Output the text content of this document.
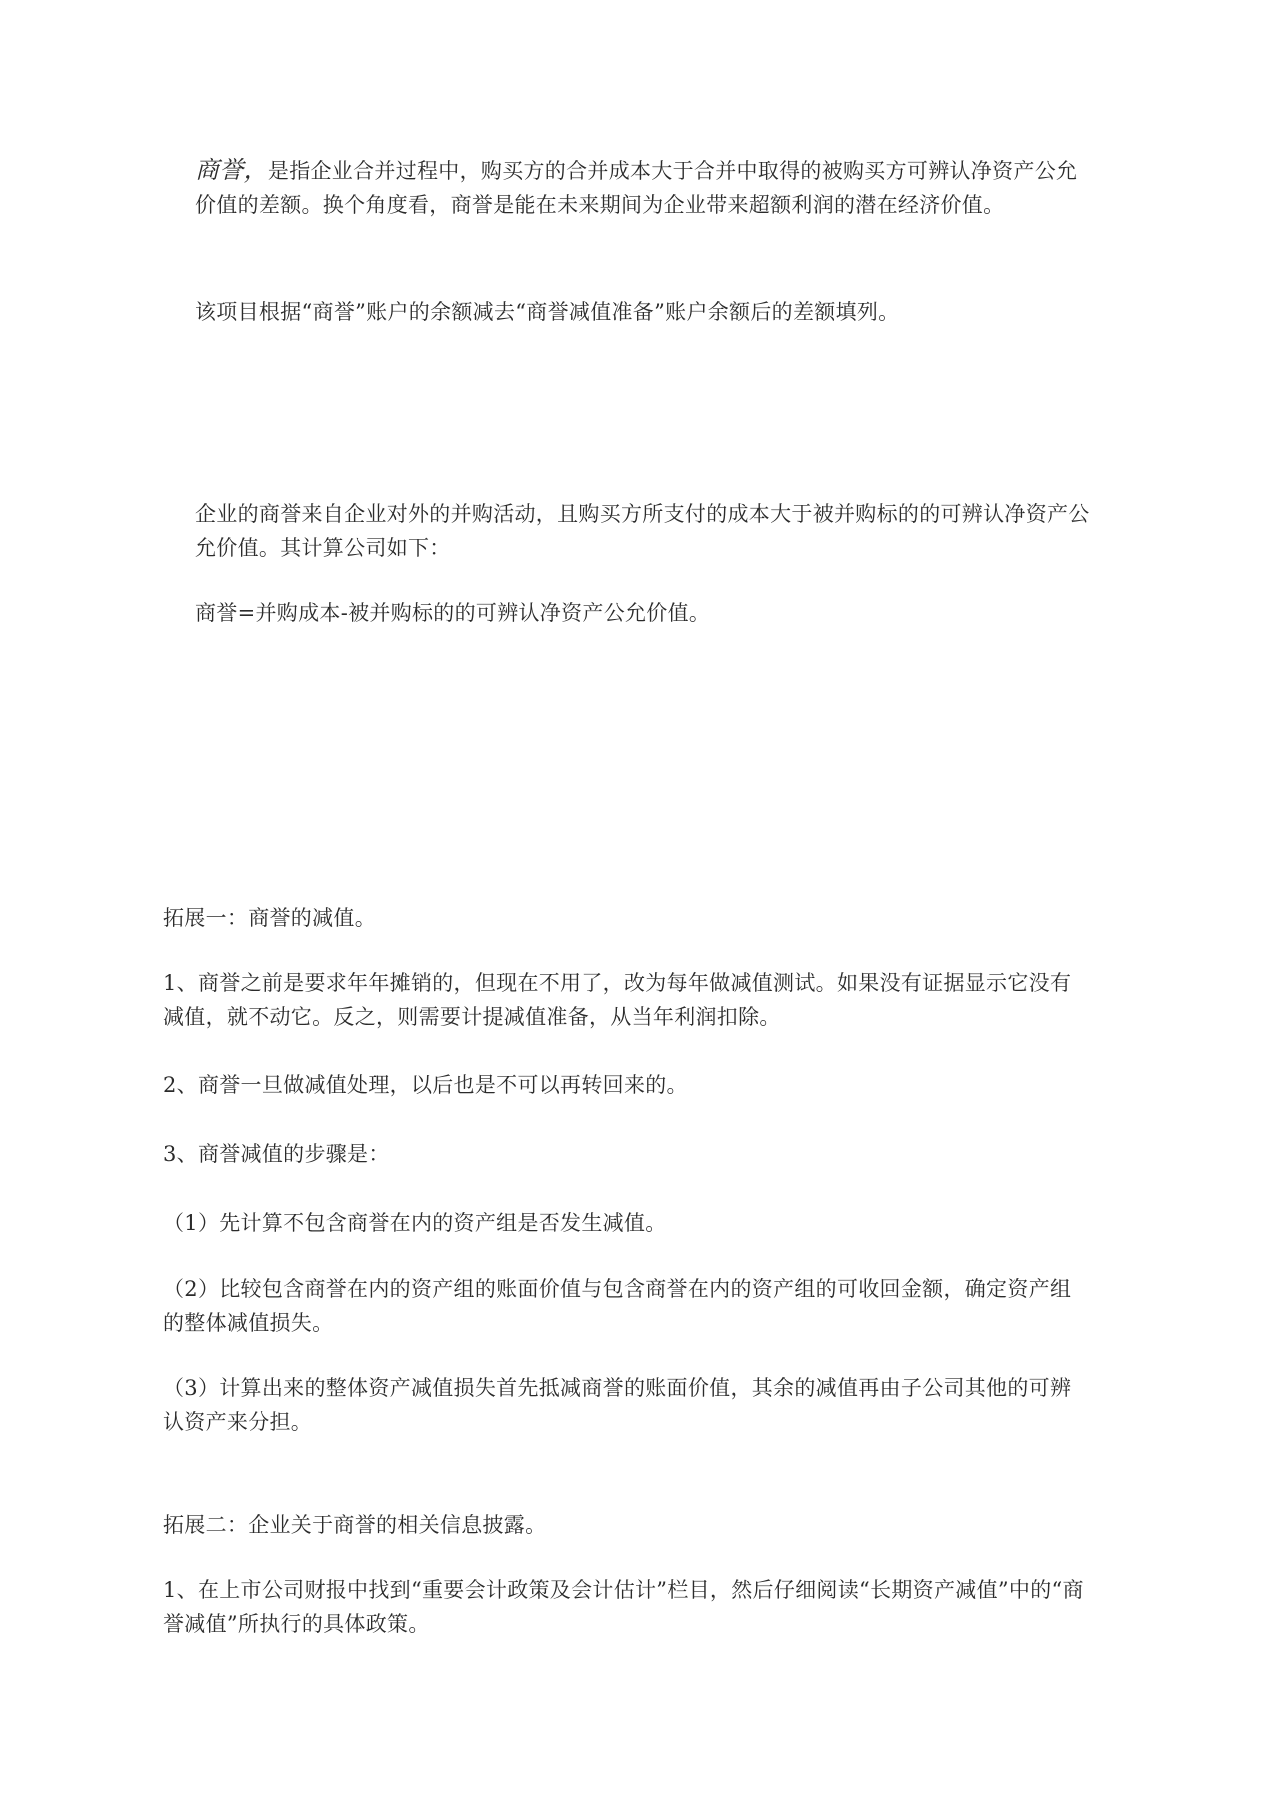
商誉，是指企业合并过程中，购买方的合并成本大于合并中取得的被购买方可辨认净资产公允价值的差额。换个角度看，商誉是能在未来期间为企业带来超额利润的潜在经济价值。

该项目根据“商誉”账户的余额减去“商誉减值准备”账户余额后的差额填列。

企业的商誉来自企业对外的并购活动，且购买方所支付的成本大于被并购标的的可辨认净资产公允价值。其计算公司如下：

商誉=并购成本-被并购标的的可辨认净资产公允价值。

拓展一：商誉的减值。

1、商誉之前是要求年年摊销的，但现在不用了，改为每年做减值测试。如果没有证据显示它没有减值，就不动它。反之，则需要计提减值准备，从当年利润扣除。

2、商誉一旦做减值处理，以后也是不可以再转回来的。

3、商誉减值的步骤是：

（1）先计算不包含商誉在内的资产组是否发生减值。

（2）比较包含商誉在内的资产组的账面价值与包含商誉在内的资产组的可收回金额，确定资产组的整体减值损失。

（3）计算出来的整体资产减值损失首先抵减商誉的账面价值，其余的减值再由子公司其他的可辨认资产来分担。

拓展二：企业关于商誉的相关信息披露。

1、在上市公司财报中找到“重要会计政策及会计估计”栏目，然后仔细阅读“长期资产减值”中的“商誉减值”所执行的具体政策。
